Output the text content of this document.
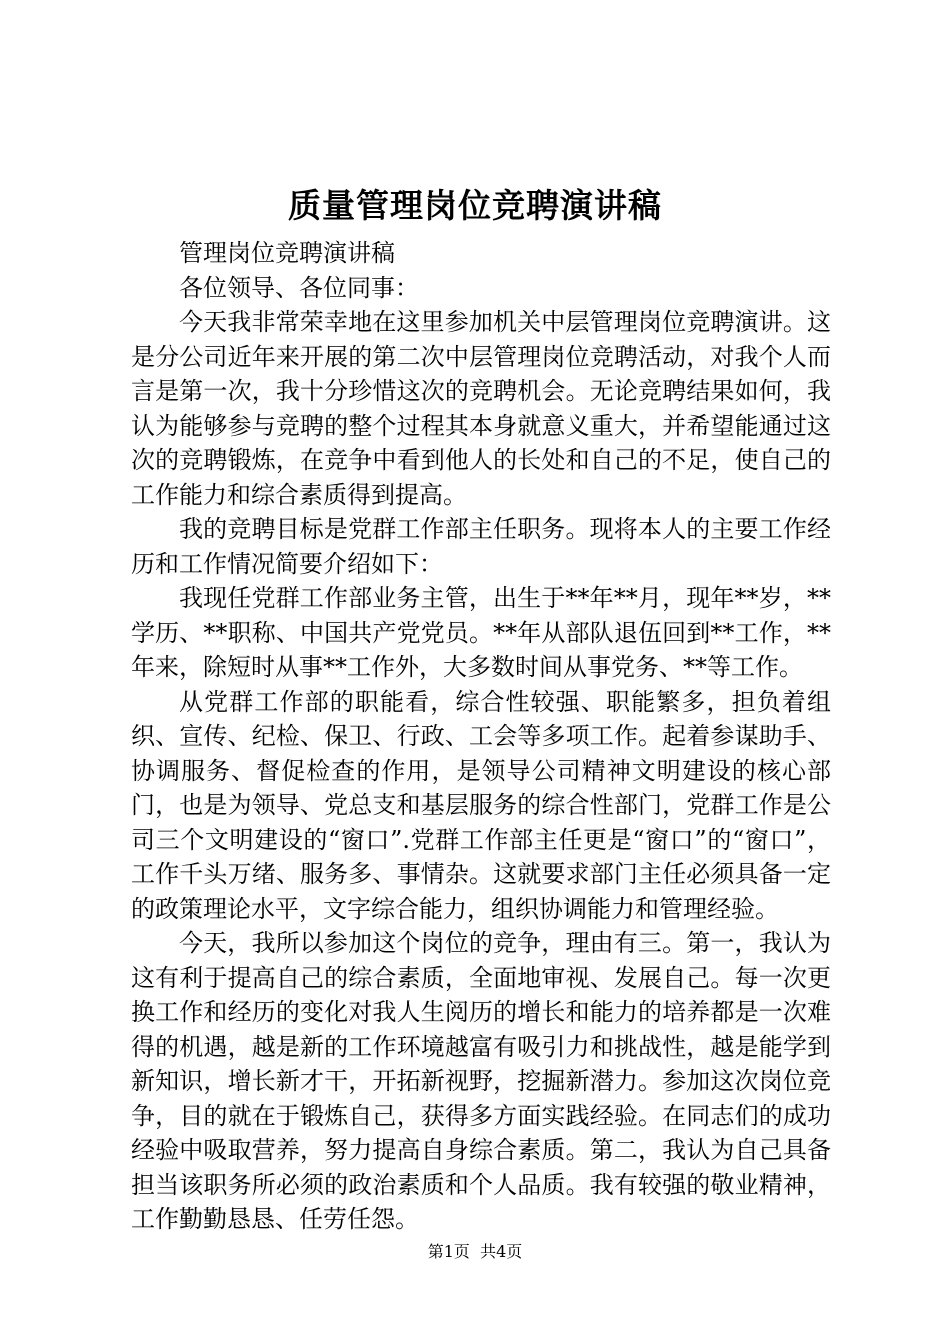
质量管理岗位竞聘演讲稿

管理岗位竞聘演讲稿

各位领导、各位同事：

今天我非常荣幸地在这里参加机关中层管理岗位竞聘演讲。这是分公司近年来开展的第二次中层管理岗位竞聘活动，对我个人而言是第一次，我十分珍惜这次的竞聘机会。无论竞聘结果如何，我认为能够参与竞聘的整个过程其本身就意义重大，并希望能通过这次的竞聘锻炼，在竞争中看到他人的长处和自己的不足，使自己的工作能力和综合素质得到提高。

我的竞聘目标是党群工作部主任职务。现将本人的主要工作经历和工作情况简要介绍如下：

我现任党群工作部业务主管，出生于**年**月，现年**岁，**学历、**职称、中国共产党党员。**年从部队退伍回到**工作，**年来，除短时从事**工作外，大多数时间从事党务、**等工作。

从党群工作部的职能看，综合性较强、职能繁多，担负着组织、宣传、纪检、保卫、行政、工会等多项工作。起着参谋助手、协调服务、督促检查的作用，是领导公司精神文明建设的核心部门，也是为领导、党总支和基层服务的综合性部门，党群工作是公司三个文明建设的“窗口”.党群工作部主任更是“窗口”的“窗口”，工作千头万绪、服务多、事情杂。这就要求部门主任必须具备一定的政策理论水平，文字综合能力，组织协调能力和管理经验。

今天，我所以参加这个岗位的竞争，理由有三。第一，我认为这有利于提高自己的综合素质，全面地审视、发展自己。每一次更换工作和经历的变化对我人生阅历的增长和能力的培养都是一次难得的机遇，越是新的工作环境越富有吸引力和挑战性，越是能学到新知识，增长新才干，开拓新视野，挖掘新潜力。参加这次岗位竞争，目的就在于锻炼自己，获得多方面实践经验。在同志们的成功经验中吸取营养，努力提高自身综合素质。第二，我认为自己具备担当该职务所必须的政治素质和个人品质。我有较强的敬业精神，工作勤勤恳恳、任劳任怨。

第1页  共4页
